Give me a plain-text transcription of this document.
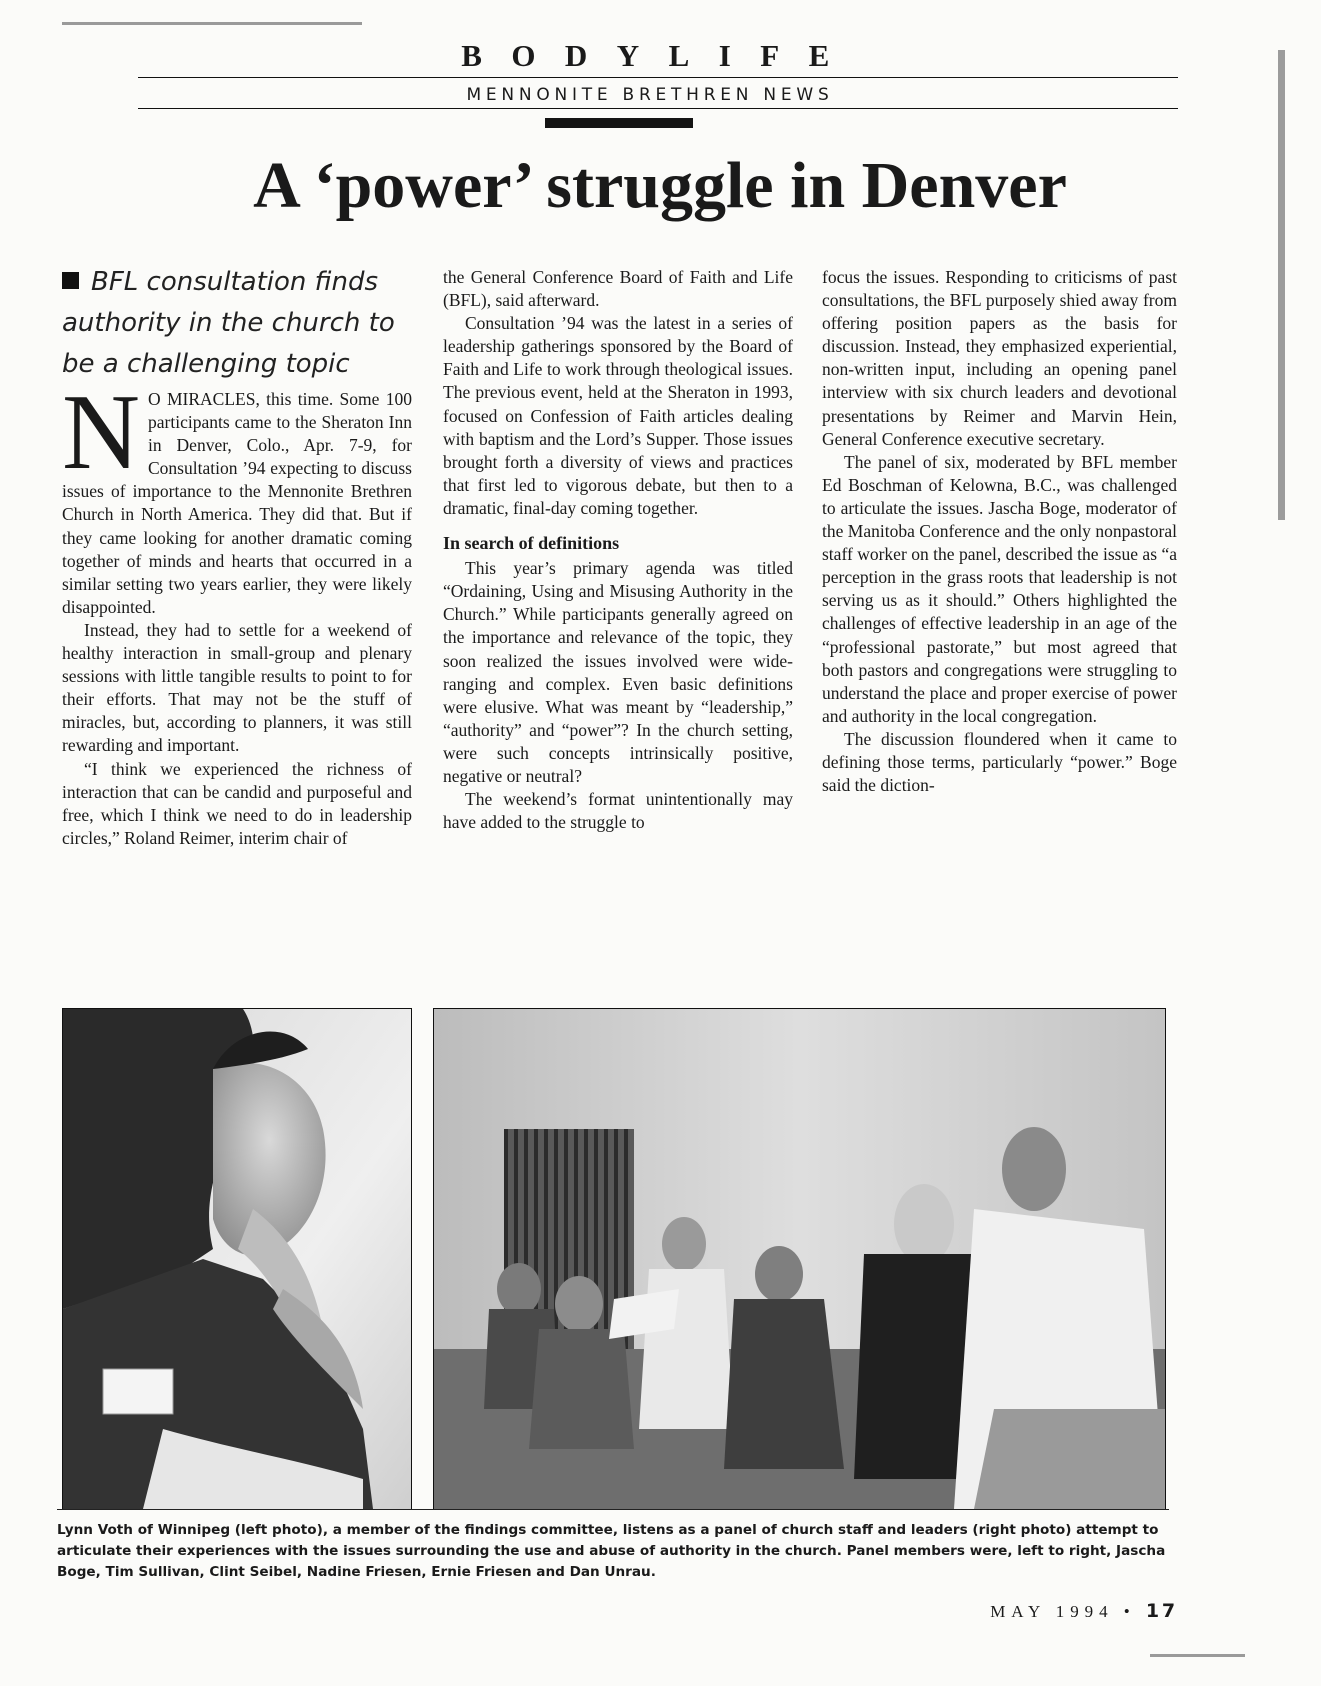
BODYLIFE
MENNONITE BRETHREN NEWS
A ‘power’ struggle in Denver
BFL consultation finds authority in the church to be a challenging topic

N O MIRACLES, this time. Some 100 participants came to the Sheraton Inn in Denver, Colo., Apr. 7-9, for Consultation ’94 expecting to discuss issues of importance to the Mennonite Brethren Church in North America. They did that. But if they came looking for another dramatic coming together of minds and hearts that occurred in a similar setting two years earlier, they were likely disappointed.

Instead, they had to settle for a weekend of healthy interaction in small-group and plenary sessions with little tangible results to point to for their efforts. That may not be the stuff of miracles, but, according to planners, it was still rewarding and important.

“I think we experienced the richness of interaction that can be candid and purposeful and free, which I think we need to do in leadership circles,” Roland Reimer, interim chair of

the General Conference Board of Faith and Life (BFL), said afterward.

Consultation ’94 was the latest in a series of leadership gatherings sponsored by the Board of Faith and Life to work through theological issues. The previous event, held at the Sheraton in 1993, focused on Confession of Faith articles dealing with baptism and the Lord’s Supper. Those issues brought forth a diversity of views and practices that first led to vigorous debate, but then to a dramatic, final-day coming together.

In search of definitions

This year’s primary agenda was titled “Ordaining, Using and Misusing Authority in the Church.” While participants generally agreed on the importance and relevance of the topic, they soon realized the issues involved were wide-ranging and complex. Even basic definitions were elusive. What was meant by “leadership,” “authority” and “power”? In the church setting, were such concepts intrinsically positive, negative or neutral?

The weekend’s format unintentionally may have added to the struggle to

focus the issues. Responding to criticisms of past consultations, the BFL purposely shied away from offering position papers as the basis for discussion. Instead, they emphasized experiential, non-written input, including an opening panel interview with six church leaders and devotional presentations by Reimer and Marvin Hein, General Conference executive secretary.

The panel of six, moderated by BFL member Ed Boschman of Kelowna, B.C., was challenged to articulate the issues. Jascha Boge, moderator of the Manitoba Conference and the only nonpastoral staff worker on the panel, described the issue as “a perception in the grass roots that leadership is not serving us as it should.” Others highlighted the challenges of effective leadership in an age of the “professional pastorate,” but most agreed that both pastors and congregations were struggling to understand the place and proper exercise of power and authority in the local congregation.

The discussion floundered when it came to defining those terms, particularly “power.” Boge said the diction-

Lynn Voth of Winnipeg (left photo), a member of the findings committee, listens as a panel of church staff and leaders (right photo) attempt to articulate their experiences with the issues surrounding the use and abuse of authority in the church. Panel members were, left to right, Jascha Boge, Tim Sullivan, Clint Seibel, Nadine Friesen, Ernie Friesen and Dan Unrau.
MAY 1994 • 17
